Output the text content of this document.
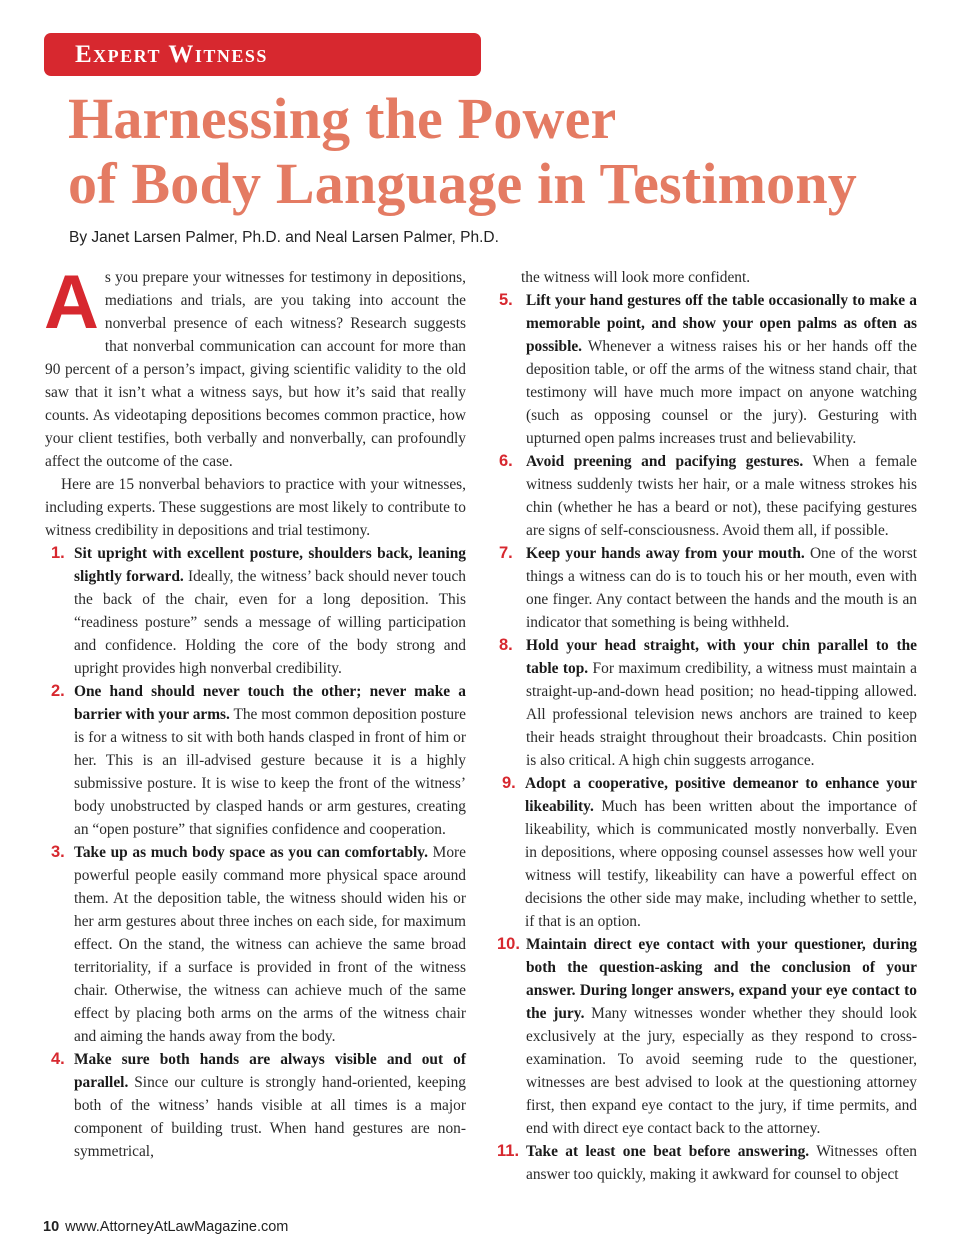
Expert Witness
Harnessing the Power
of Body Language in Testimony
By Janet Larsen Palmer, Ph.D. and Neal Larsen Palmer, Ph.D.

As you prepare your witnesses for testimony in depositions, mediations and trials, are you taking into account the nonverbal presence of each witness? Research suggests that nonverbal communication can account for more than 90 percent of a person’s impact, giving scientific validity to the old saw that it isn’t what a witness says, but how it’s said that really counts. As videotaping depositions becomes common practice, how your client testifies, both verbally and nonverbally, can profoundly affect the outcome of the case.

Here are 15 nonverbal behaviors to practice with your witnesses, including experts. These suggestions are most likely to contribute to witness credibility in depositions and trial testimony.

1. Sit upright with excellent posture, shoulders back, leaning slightly forward. Ideally, the witness’ back should never touch the back of the chair, even for a long deposition. This “readiness posture” sends a message of willing participation and confidence. Holding the core of the body strong and upright provides high nonverbal credibility.
2. One hand should never touch the other; never make a barrier with your arms. The most common deposition posture is for a witness to sit with both hands clasped in front of him or her. This is an ill-advised gesture because it is a highly submissive posture. It is wise to keep the front of the witness’ body unobstructed by clasped hands or arm gestures, creating an “open posture” that signifies confidence and cooperation.
3. Take up as much body space as you can comfortably. More powerful people easily command more physical space around them. At the deposition table, the witness should widen his or her arm gestures about three inches on each side, for maximum effect. On the stand, the witness can achieve the same broad territoriality, if a surface is provided in front of the witness chair. Otherwise, the witness can achieve much of the same effect by placing both arms on the arms of the witness chair and aiming the hands away from the body.
4. Make sure both hands are always visible and out of parallel. Since our culture is strongly hand-oriented, keeping both of the witness’ hands visible at all times is a major component of building trust. When hand gestures are non-symmetrical,

the witness will look more confident.

5. Lift your hand gestures off the table occasionally to make a memorable point, and show your open palms as often as possible. Whenever a witness raises his or her hands off the deposition table, or off the arms of the witness stand chair, that testimony will have much more impact on anyone watching (such as opposing counsel or the jury). Gesturing with upturned open palms increases trust and believability.
6. Avoid preening and pacifying gestures. When a female witness suddenly twists her hair, or a male witness strokes his chin (whether he has a beard or not), these pacifying gestures are signs of self-consciousness. Avoid them all, if possible.
7. Keep your hands away from your mouth. One of the worst things a witness can do is to touch his or her mouth, even with one finger. Any contact between the hands and the mouth is an indicator that something is being withheld.
8. Hold your head straight, with your chin parallel to the table top. For maximum credibility, a witness must maintain a straight-up-and-down head position; no head-tipping allowed. All professional television news anchors are trained to keep their heads straight throughout their broadcasts. Chin position is also critical. A high chin suggests arrogance.
9. Adopt a cooperative, positive demeanor to enhance your likeability. Much has been written about the importance of likeability, which is communicated mostly nonverbally. Even in depositions, where opposing counsel assesses how well your witness will testify, likeability can have a powerful effect on decisions the other side may make, including whether to settle, if that is an option.
10. Maintain direct eye contact with your questioner, during both the question-asking and the conclusion of your answer. During longer answers, expand your eye contact to the jury. Many witnesses wonder whether they should look exclusively at the jury, especially as they respond to cross-examination. To avoid seeming rude to the questioner, witnesses are best advised to look at the questioning attorney first, then expand eye contact to the jury, if time permits, and end with direct eye contact back to the attorney.
11. Take at least one beat before answering. Witnesses often answer too quickly, making it awkward for counsel to object
10 www.AttorneyAtLawMagazine.com
